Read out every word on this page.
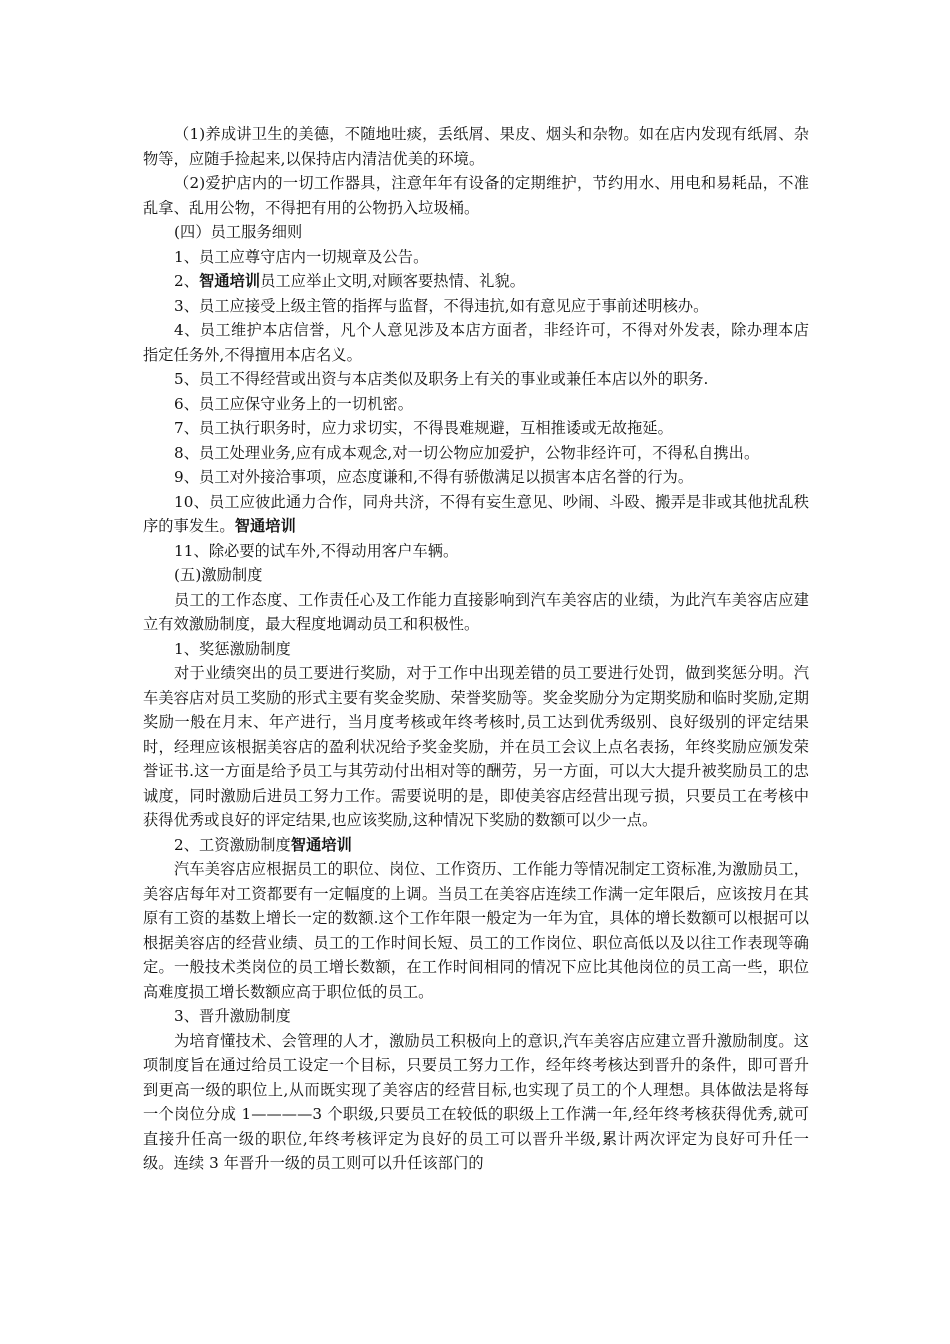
（1)养成讲卫生的美德，不随地吐痰，丢纸屑、果皮、烟头和杂物。如在店内发现有纸屑、杂物等，应随手捡起来,以保持店内清洁优美的环境。

（2)爱护店内的一切工作器具，注意年年有设备的定期维护，节约用水、用电和易耗品，不准乱拿、乱用公物，不得把有用的公物扔入垃圾桶。

(四）员工服务细则

1、员工应尊守店内一切规章及公告。

2、智通培训员工应举止文明,对顾客要热情、礼貌。

3、员工应接受上级主管的指挥与监督，不得违抗,如有意见应于事前述明核办。

4、员工维护本店信誉，凡个人意见涉及本店方面者，非经许可，不得对外发表，除办理本店指定任务外,不得擅用本店名义。

5、员工不得经营或出资与本店类似及职务上有关的事业或兼任本店以外的职务.

6、员工应保守业务上的一切机密。

7、员工执行职务时，应力求切实，不得畏难规避，互相推诿或无故拖延。

8、员工处理业务,应有成本观念,对一切公物应加爱护，公物非经许可，不得私自携出。

9、员工对外接洽事项，应态度谦和,不得有骄傲满足以损害本店名誉的行为。

10、员工应彼此通力合作，同舟共济，不得有妄生意见、吵闹、斗殴、搬弄是非或其他扰乱秩序的事发生。智通培训

11、除必要的试车外,不得动用客户车辆。

(五)激励制度

员工的工作态度、工作责任心及工作能力直接影响到汽车美容店的业绩，为此汽车美容店应建立有效激励制度，最大程度地调动员工和积极性。

1、奖惩激励制度

对于业绩突出的员工要进行奖励，对于工作中出现差错的员工要进行处罚，做到奖惩分明。汽车美容店对员工奖励的形式主要有奖金奖励、荣誉奖励等。奖金奖励分为定期奖励和临时奖励,定期奖励一般在月末、年产进行，当月度考核或年终考核时,员工达到优秀级别、良好级别的评定结果时，经理应该根据美容店的盈利状况给予奖金奖励，并在员工会议上点名表扬，年终奖励应颁发荣誉证书.这一方面是给予员工与其劳动付出相对等的酬劳，另一方面，可以大大提升被奖励员工的忠诚度，同时激励后进员工努力工作。需要说明的是，即使美容店经营出现亏损，只要员工在考核中获得优秀或良好的评定结果,也应该奖励,这种情况下奖励的数额可以少一点。

2、工资激励制度智通培训

汽车美容店应根据员工的职位、岗位、工作资历、工作能力等情况制定工资标准,为激励员工，美容店每年对工资都要有一定幅度的上调。当员工在美容店连续工作满一定年限后，应该按月在其原有工资的基数上增长一定的数额.这个工作年限一般定为一年为宜，具体的增长数额可以根据可以根据美容店的经营业绩、员工的工作时间长短、员工的工作岗位、职位高低以及以往工作表现等确定。一般技术类岗位的员工增长数额，在工作时间相同的情况下应比其他岗位的员工高一些，职位高难度损工增长数额应高于职位低的员工。

3、晋升激励制度

为培育懂技术、会管理的人才，激励员工积极向上的意识,汽车美容店应建立晋升激励制度。这项制度旨在通过给员工设定一个目标，只要员工努力工作，经年终考核达到晋升的条件，即可晋升到更高一级的职位上,从而既实现了美容店的经营目标,也实现了员工的个人理想。具体做法是将每一个岗位分成 1————3 个职级,只要员工在较低的职级上工作满一年,经年终考核获得优秀,就可直接升任高一级的职位,年终考核评定为良好的员工可以晋升半级,累计两次评定为良好可升任一级。连续 3 年晋升一级的员工则可以升任该部门的
